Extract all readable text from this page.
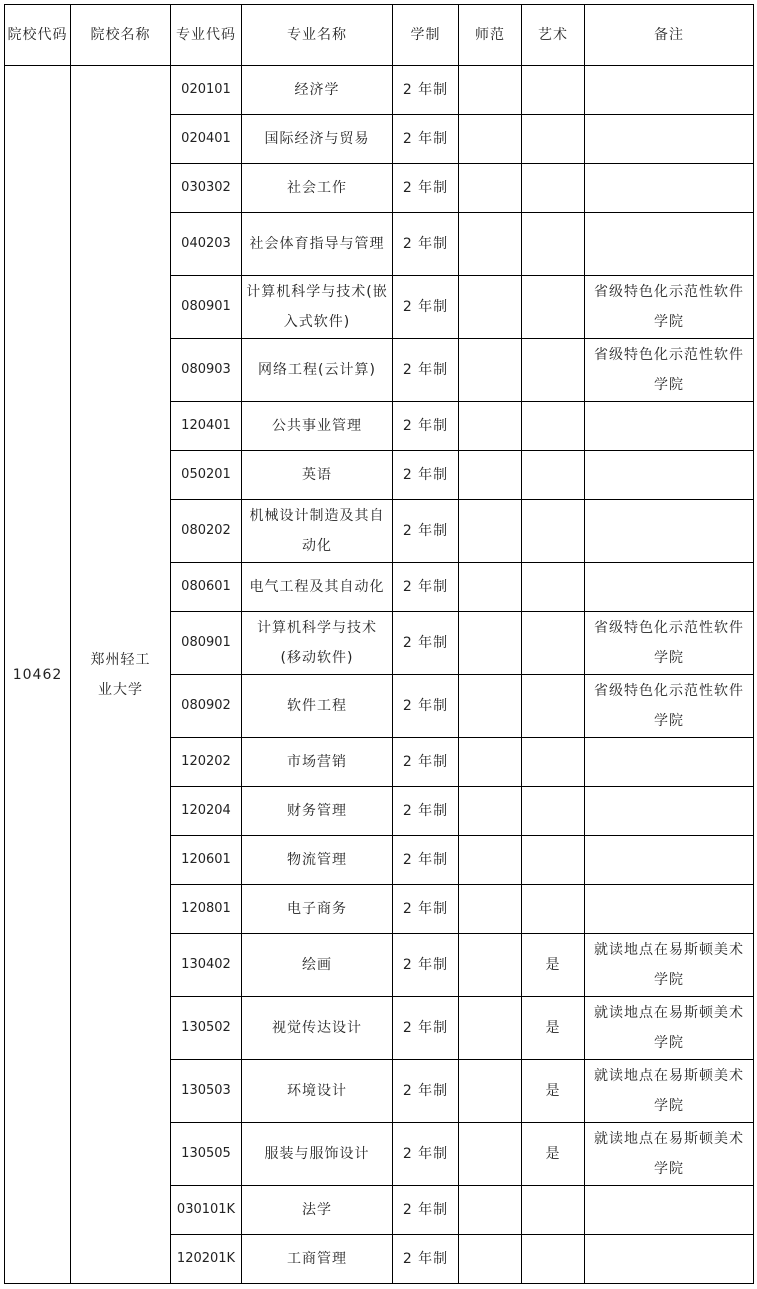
院校代码	院校名称	专业代码	专业名称	学制	师范	艺术	备注
10462	郑州轻工业大学	020101	经济学	2 年制			
		020401	国际经济与贸易	2 年制			
		030302	社会工作	2 年制			
		040203	社会体育指导与管理	2 年制			
		080901	计算机科学与技术(嵌入式软件)	2 年制			省级特色化示范性软件学院
		080903	网络工程(云计算)	2 年制			省级特色化示范性软件学院
		120401	公共事业管理	2 年制			
		050201	英语	2 年制			
		080202	机械设计制造及其自动化	2 年制			
		080601	电气工程及其自动化	2 年制			
		080901	计算机科学与技术 (移动软件)	2 年制			省级特色化示范性软件学院
		080902	软件工程	2 年制			省级特色化示范性软件学院
		120202	市场营销	2 年制			
		120204	财务管理	2 年制			
		120601	物流管理	2 年制			
		120801	电子商务	2 年制			
		130402	绘画	2 年制		是	就读地点在易斯顿美术学院
		130502	视觉传达设计	2 年制		是	就读地点在易斯顿美术学院
		130503	环境设计	2 年制		是	就读地点在易斯顿美术学院
		130505	服装与服饰设计	2 年制		是	就读地点在易斯顿美术学院
		030101K	法学	2 年制			
		120201K	工商管理	2 年制			
